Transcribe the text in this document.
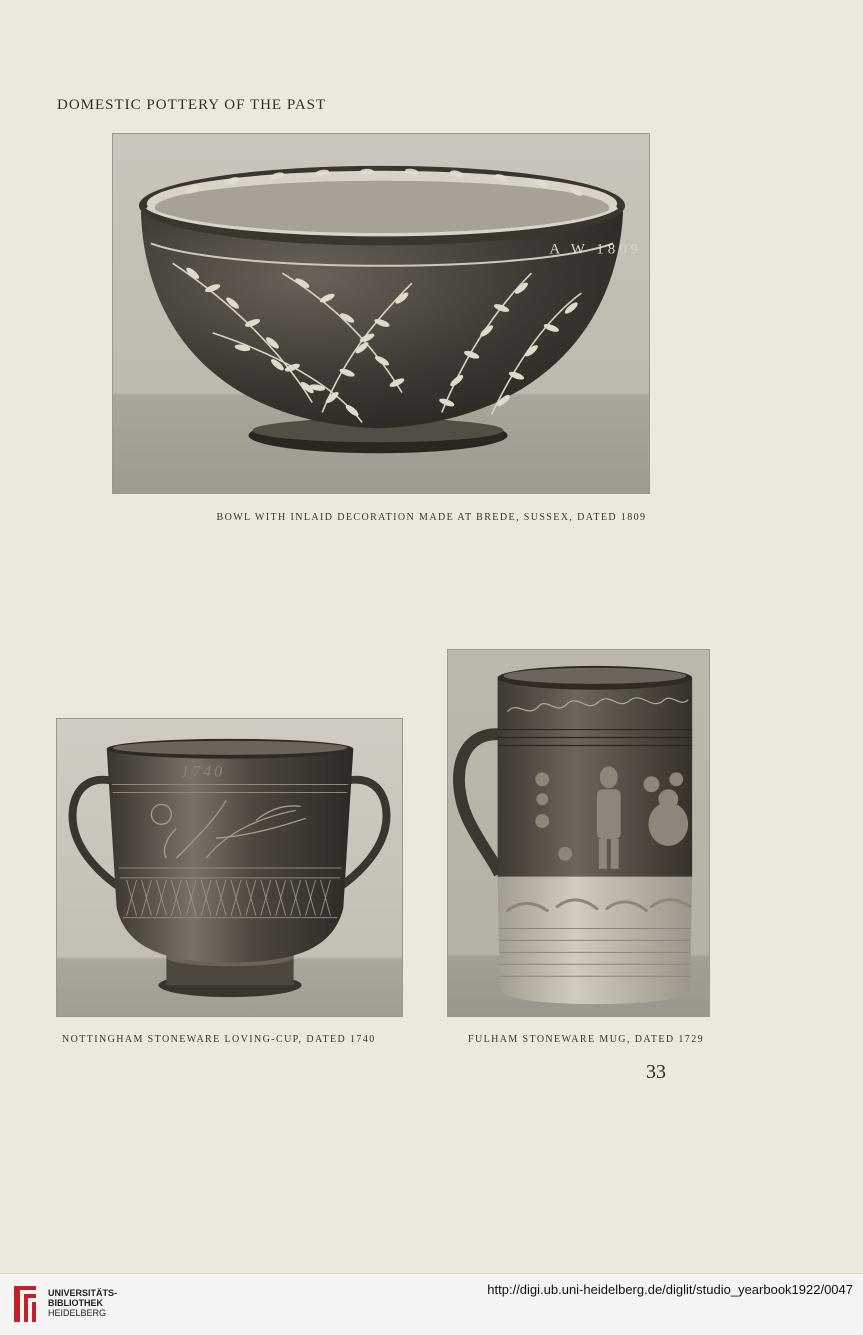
DOMESTIC POTTERY OF THE PAST
A W 1809
BOWL WITH INLAID DECORATION MADE AT BREDE, SUSSEX, DATED 1809
1740
NOTTINGHAM STONEWARE LOVING-CUP, DATED 1740	FULHAM STONEWARE MUG, DATED 1729
33
UNIVERSITÄTS-
BIBLIOTHEK
HEIDELBERG
http://digi.ub.uni-heidelberg.de/diglit/studio_yearbook1922/0047
